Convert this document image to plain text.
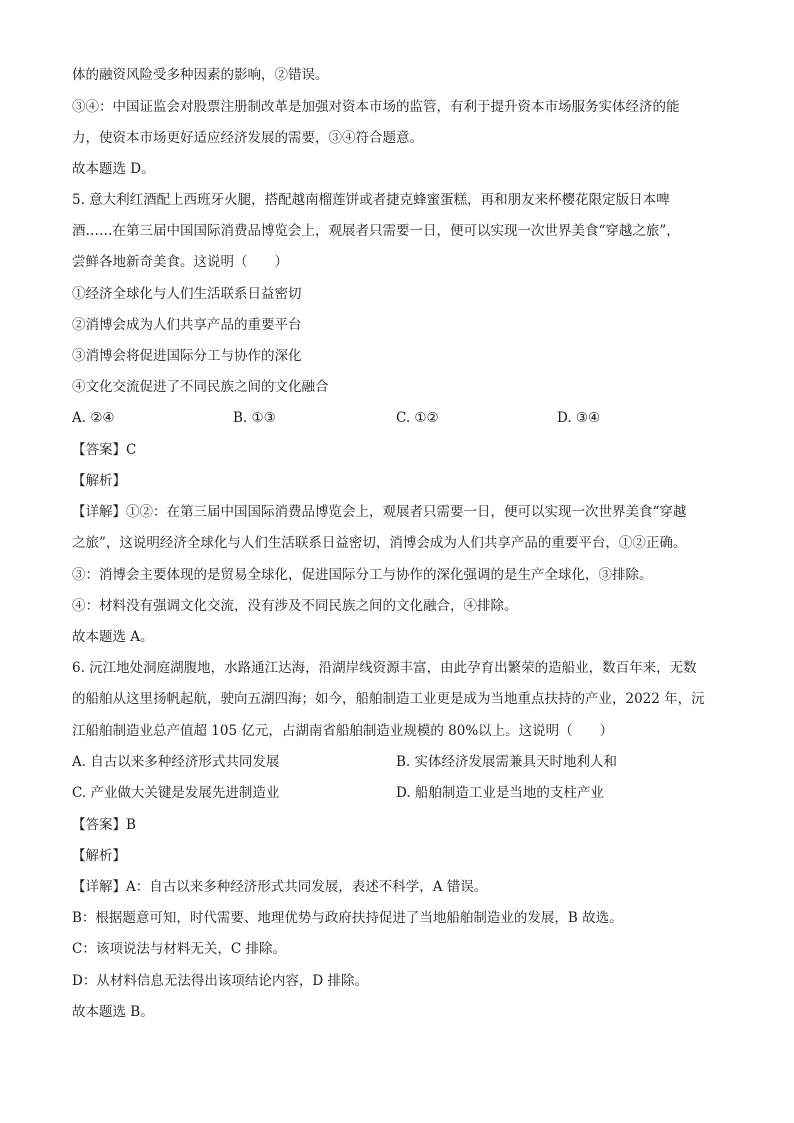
体的融资风险受多种因素的影响，②错误。
③④：中国证监会对股票注册制改革是加强对资本市场的监管，有利于提升资本市场服务实体经济的能
力，使资本市场更好适应经济发展的需要，③④符合题意。
故本题选 D。
5. 意大利红酒配上西班牙火腿，搭配越南榴莲饼或者捷克蜂蜜蛋糕，再和朋友来杯樱花限定版日本啤
酒……在第三届中国国际消费品博览会上，观展者只需要一日，便可以实现一次世界美食“穿越之旅”，
尝鲜各地新奇美食。这说明（　　）
①经济全球化与人们生活联系日益密切
②消博会成为人们共享产品的重要平台
③消博会将促进国际分工与协作的深化
④文化交流促进了不同民族之间的文化融合
A. ②④	B. ①③	C. ①②	D. ③④
【答案】C
【解析】
【详解】①②：在第三届中国国际消费品博览会上，观展者只需要一日，便可以实现一次世界美食“穿越
之旅”，这说明经济全球化与人们生活联系日益密切，消博会成为人们共享产品的重要平台，①②正确。
③：消博会主要体现的是贸易全球化，促进国际分工与协作的深化强调的是生产全球化，③排除。
④：材料没有强调文化交流，没有涉及不同民族之间的文化融合，④排除。
故本题选 A。
6. 沅江地处洞庭湖腹地，水路通江达海，沿湖岸线资源丰富，由此孕育出繁荣的造船业，数百年来，无数
的船舶从这里扬帆起航，驶向五湖四海；如今，船舶制造工业更是成为当地重点扶持的产业，2022 年，沅
江船舶制造业总产值超 105 亿元，占湖南省船舶制造业规模的 80%以上。这说明（　　）
A. 自古以来多种经济形式共同发展	B. 实体经济发展需兼具天时地利人和
C. 产业做大关键是发展先进制造业	D. 船舶制造工业是当地的支柱产业
【答案】B
【解析】
【详解】A：自古以来多种经济形式共同发展，表述不科学，A 错误。
B：根据题意可知，时代需要、地理优势与政府扶持促进了当地船舶制造业的发展，B 故选。
C：该项说法与材料无关，C 排除。
D：从材料信息无法得出该项结论内容，D 排除。
故本题选 B。
